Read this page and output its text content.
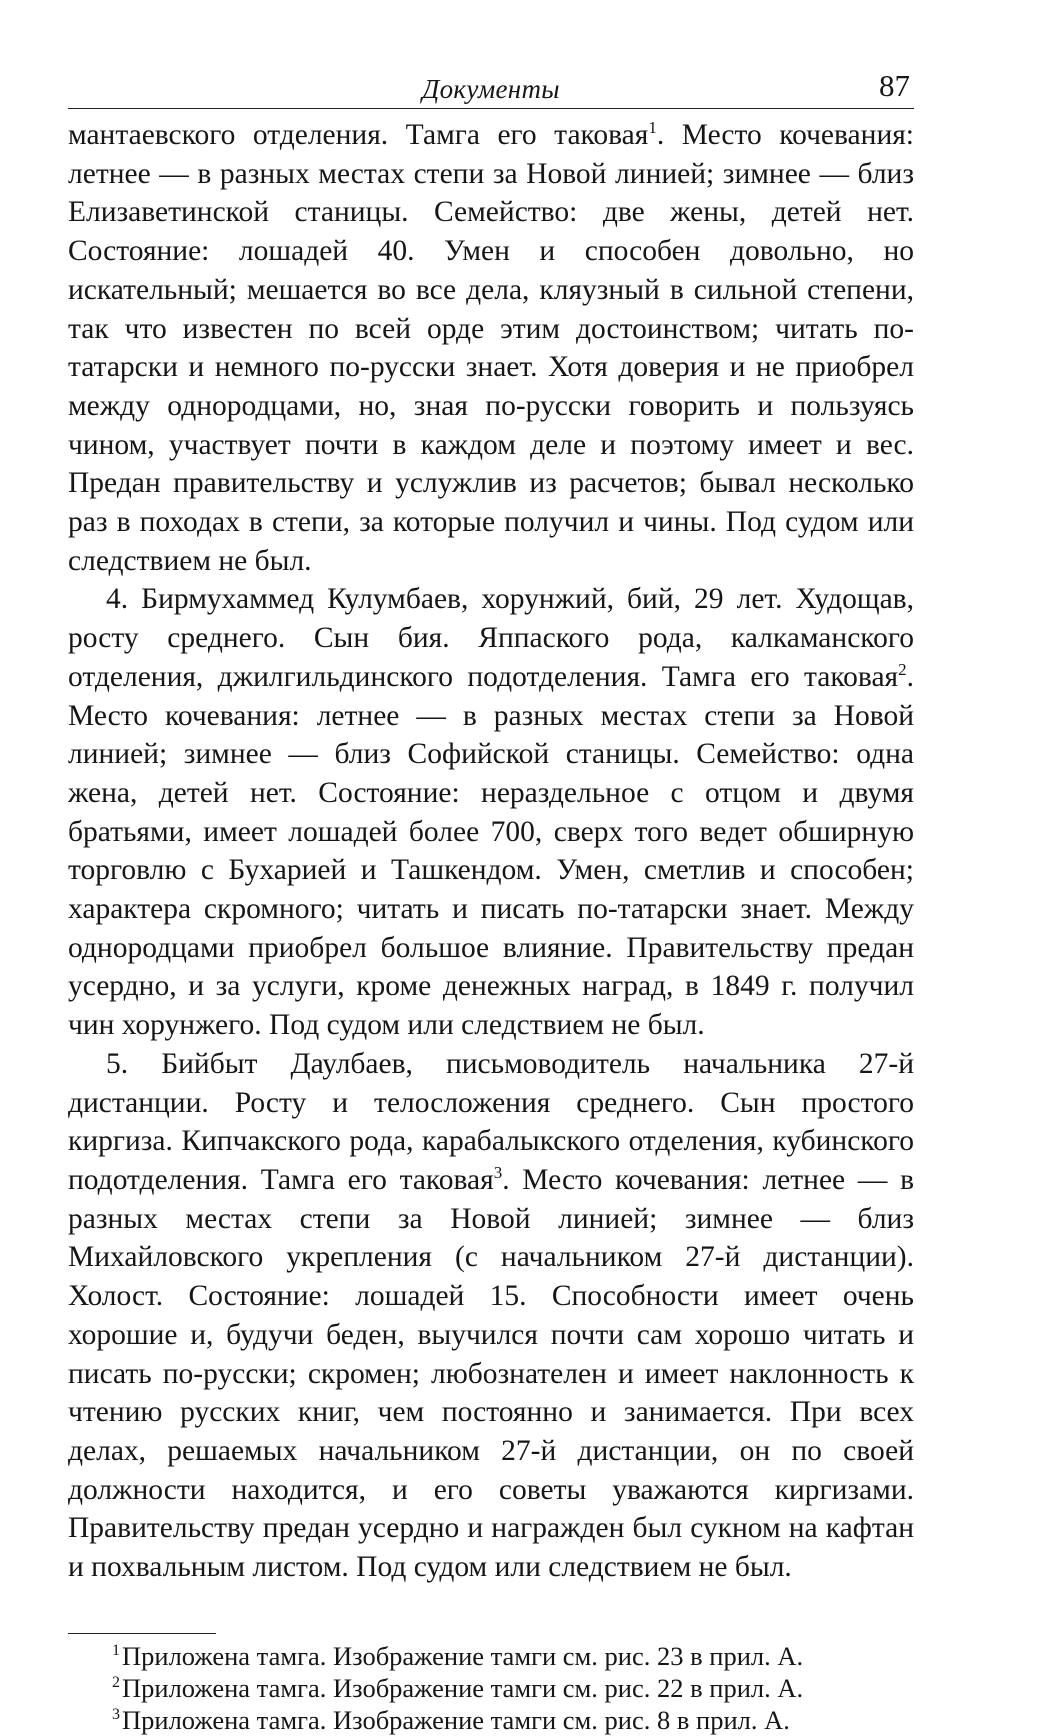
Документы	87

мантаевского отделения. Тамга его таковая$^1$. Место кочевания: летнее — в разных местах степи за Новой линией; зимнее — близ Елизаветинской станицы. Семейство: две жены, детей нет. Состояние: лошадей 40. Умен и способен довольно, но искательный; мешается во все дела, кляузный в сильной степени, так что известен по всей орде этим достоинством; читать по-татарски и немного по-русски знает. Хотя доверия и не приобрел между однородцами, но, зная по-русски говорить и пользуясь чином, участвует почти в каждом деле и поэтому имеет и вес. Предан правительству и услужлив из расчетов; бывал несколько раз в походах в степи, за которые получил и чины. Под судом или следствием не был.

4. Бирмухаммед Кулумбаев, хорунжий, бий, 29 лет. Худощав, росту среднего. Сын бия. Яппаского рода, калкаманского отделения, джилгильдинского подотделения. Тамга его таковая$^2$. Место кочевания: летнее — в разных местах степи за Новой линией; зимнее — близ Софийской станицы. Семейство: одна жена, детей нет. Состояние: нераздельное с отцом и двумя братьями, имеет лошадей более 700, сверх того ведет обширную торговлю с Бухарией и Ташкендом. Умен, сметлив и способен; характера скромного; читать и писать по-татарски знает. Между однородцами приобрел большое влияние. Правительству предан усердно, и за услуги, кроме денежных наград, в 1849 г. получил чин хорунжего. Под судом или следствием не был.

5. Бийбыт Даулбаев, письмоводитель начальника 27-й дистанции. Росту и телосложения среднего. Сын простого киргиза. Кипчакского рода, карабалыкского отделения, кубинского подотделения. Тамга его таковая$^3$. Место кочевания: летнее — в разных местах степи за Новой линией; зимнее — близ Михайловского укрепления (с начальником 27-й дистанции). Холост. Состояние: лошадей 15. Способности имеет очень хорошие и, будучи беден, выучился почти сам хорошо читать и писать по-русски; скромен; любознателен и имеет наклонность к чтению русских книг, чем постоянно и занимается. При всех делах, решаемых начальником 27-й дистанции, он по своей должности находится, и его советы уважаются киргизами. Правительству предан усердно и награжден был сукном на кафтан и похвальным листом. Под судом или следствием не был.

$^1$Приложена тамга. Изображение тамги см. рис. 23 в прил. А.
$^2$Приложена тамга. Изображение тамги см. рис. 22 в прил. А.
$^3$Приложена тамга. Изображение тамги см. рис. 8 в прил. А.
